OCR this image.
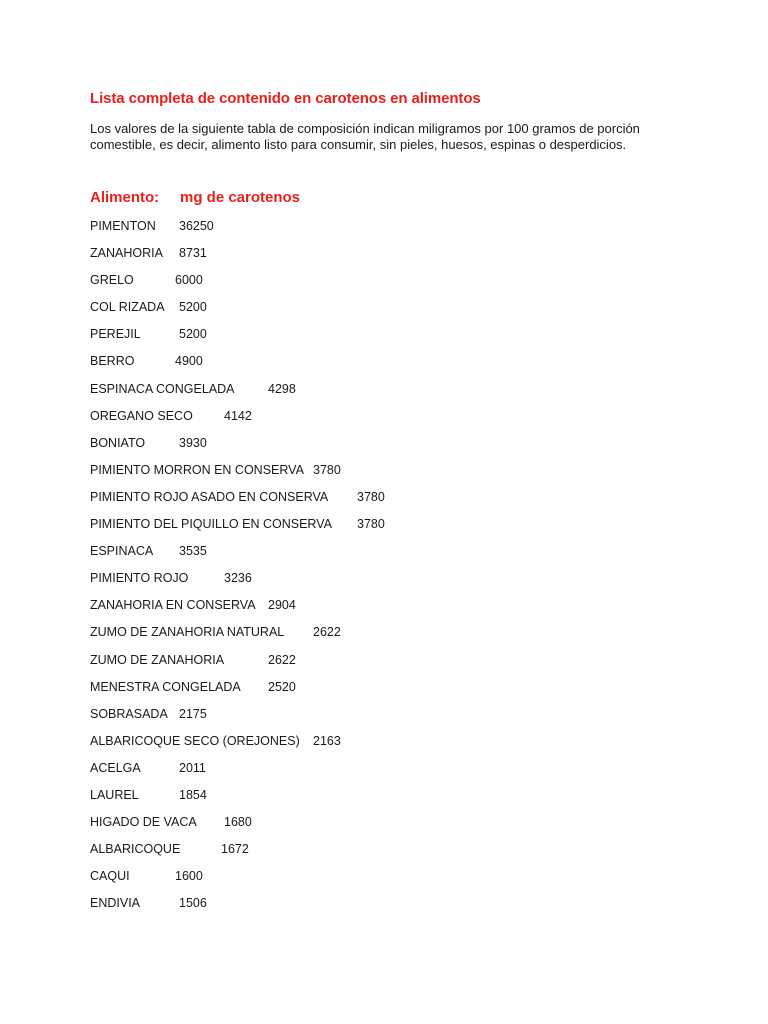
Lista completa de contenido en carotenos en alimentos
Los valores de la siguiente tabla de composición indican miligramos por 100 gramos de porción
comestible, es decir, alimento listo para consumir, sin pieles, huesos, espinas o desperdicios.
Alimento: mg de carotenos
PIMENTON 36250
ZANAHORIA 8731
GRELO	6000
COL RIZADA 5200
PEREJIL	5200
BERRO	4900
ESPINACA CONGELADA	4298
OREGANO SECO 4142
BONIATO	3930
PIMIENTO MORRON EN CONSERVA 3780
PIMIENTO ROJO ASADO EN CONSERVA 3780
PIMIENTO DEL PIQUILLO EN CONSERVA 3780
ESPINACA 3535
PIMIENTO ROJO	3236
ZANAHORIA EN CONSERVA 2904
ZUMO DE ZANAHORIA NATURAL 2622
ZUMO DE ZANAHORIA	2622
MENESTRA CONGELADA 2520
SOBRASADA 2175
ALBARICOQUE SECO (OREJONES) 2163
ACELGA	2011
LAUREL	1854
HIGADO DE VACA 1680
ALBARICOQUE	1672
CAQUI	1600
ENDIVIA	1506
